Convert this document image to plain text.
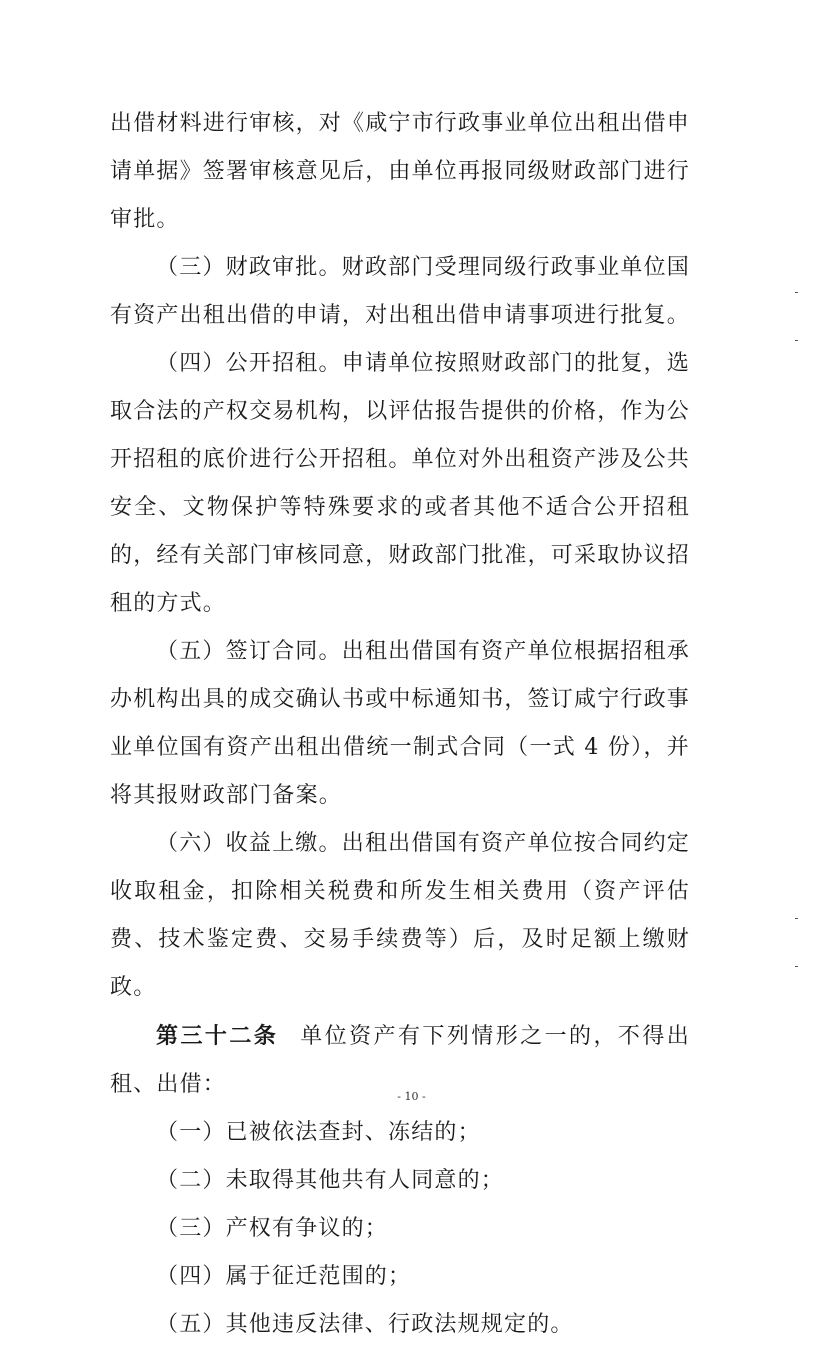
出借材料进行审核，对《咸宁市行政事业单位出租出借申请单据》签署审核意见后，由单位再报同级财政部门进行审批。

（三）财政审批。财政部门受理同级行政事业单位国有资产出租出借的申请，对出租出借申请事项进行批复。

（四）公开招租。申请单位按照财政部门的批复，选取合法的产权交易机构，以评估报告提供的价格，作为公开招租的底价进行公开招租。单位对外出租资产涉及公共安全、文物保护等特殊要求的或者其他不适合公开招租的，经有关部门审核同意，财政部门批准，可采取协议招租的方式。

（五）签订合同。出租出借国有资产单位根据招租承办机构出具的成交确认书或中标通知书，签订咸宁行政事业单位国有资产出租出借统一制式合同（一式 4 份），并将其报财政部门备案。

（六）收益上缴。出租出借国有资产单位按合同约定收取租金，扣除相关税费和所发生相关费用（资产评估费、技术鉴定费、交易手续费等）后，及时足额上缴财政。

第三十二条 单位资产有下列情形之一的，不得出租、出借：

（一）已被依法查封、冻结的；

（二）未取得其他共有人同意的；

（三）产权有争议的；

（四）属于征迁范围的；

（五）其他违反法律、行政法规规定的。

- 10 -
